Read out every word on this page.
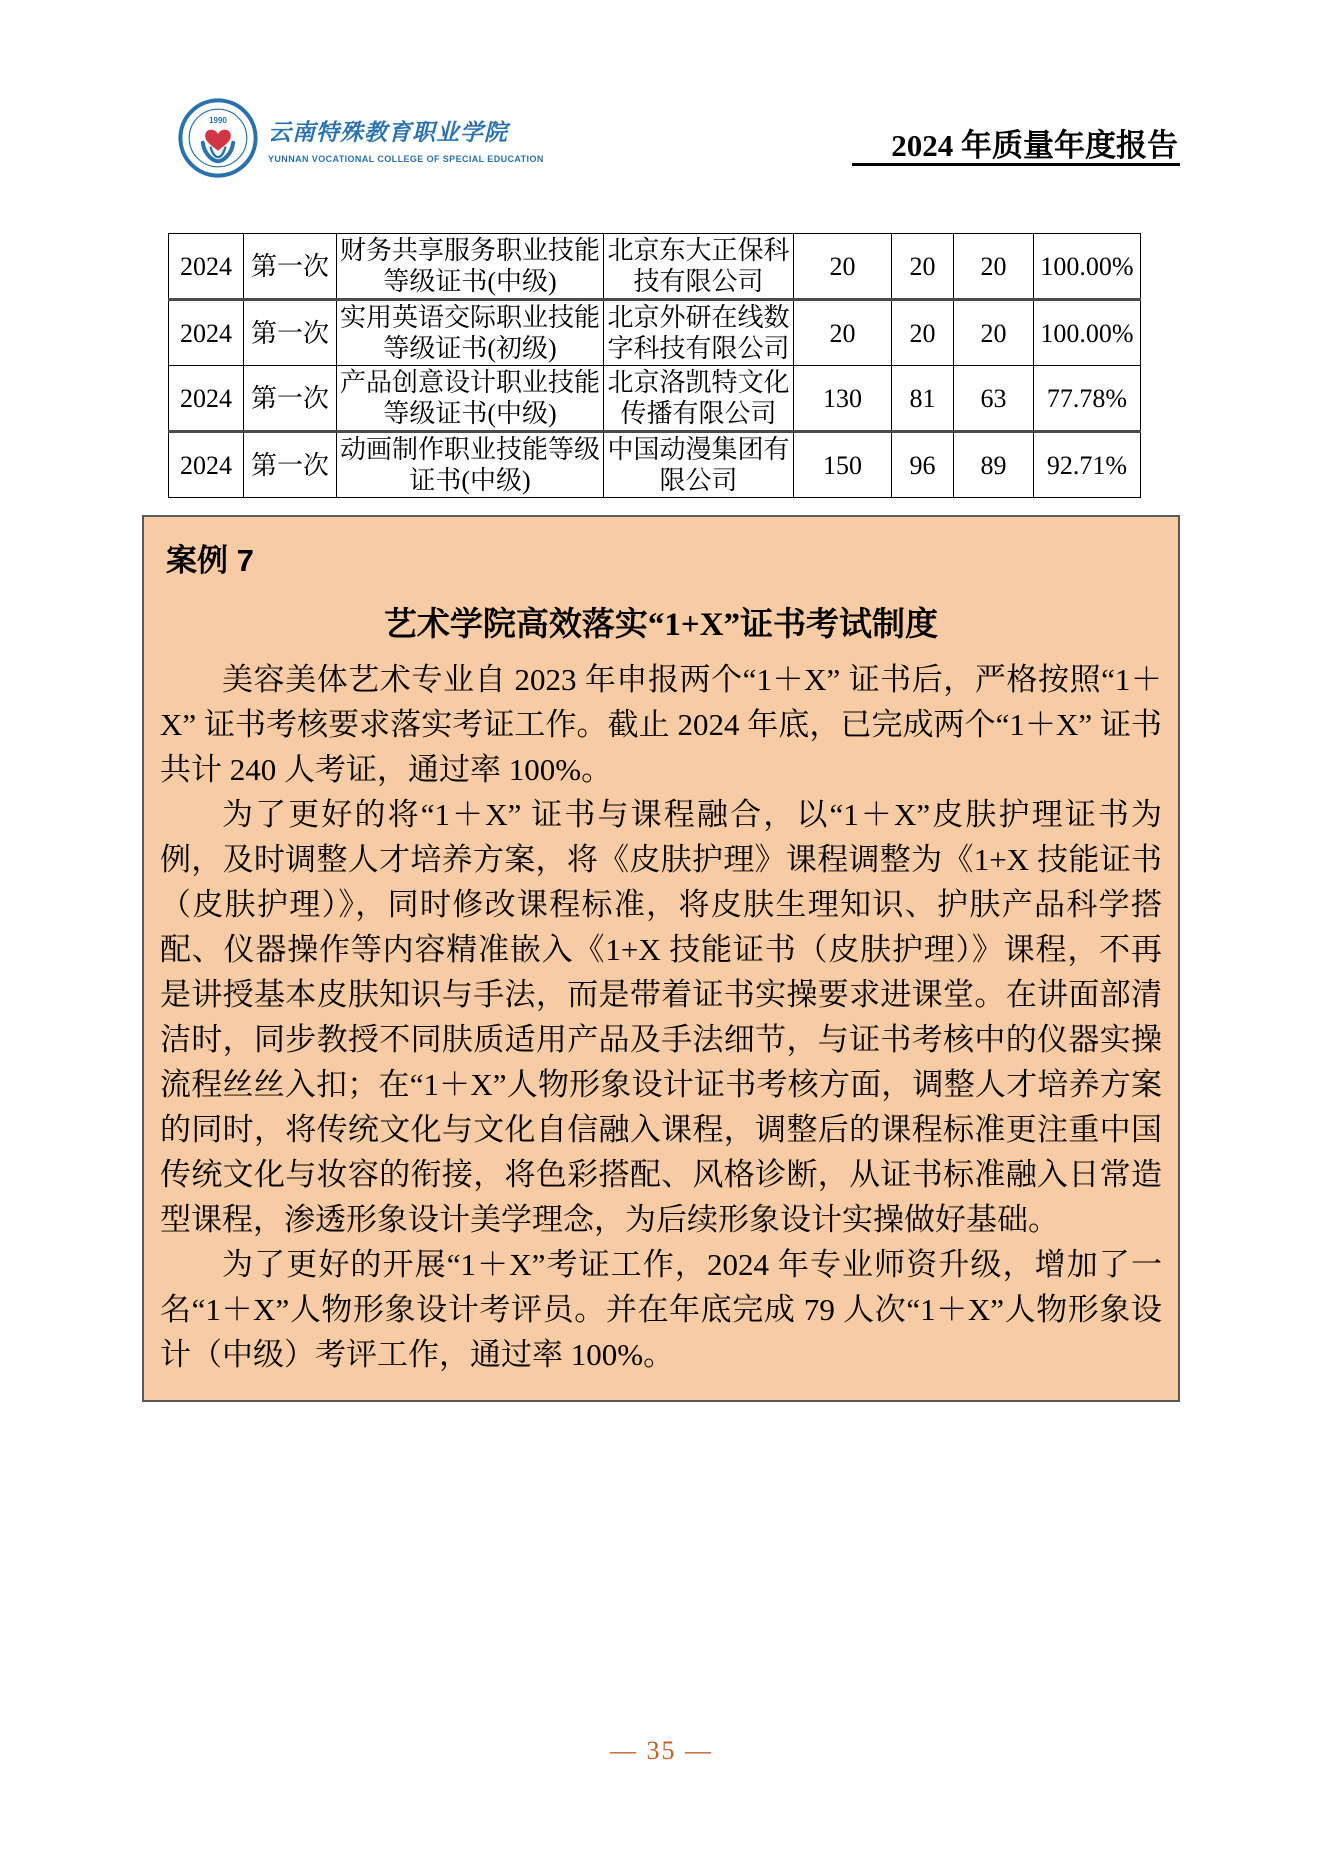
1990 云南特殊教育职业学院
YUNNAN VOCATIONAL COLLEGE OF SPECIAL EDUCATION	2024 年质量年度报告
2024	第一次	财务共享服务职业技能等级证书(中级)	北京东大正保科技有限公司	20	20	20	100.00%
2024	第一次	实用英语交际职业技能等级证书(初级)	北京外研在线数字科技有限公司	20	20	20	100.00%
2024	第一次	产品创意设计职业技能等级证书(中级)	北京洛凯特文化传播有限公司	130	81	63	77.78%
2024	第一次	动画制作职业技能等级证书(中级)	中国动漫集团有限公司	150	96	89	92.71%
案例 7
艺术学院高效落实“1+X”证书考试制度

美容美体艺术专业自 2023 年申报两个“1＋X” 证书后，严格按照“1＋X” 证书考核要求落实考证工作。截止 2024 年底，已完成两个“1＋X” 证书共计 240 人考证，通过率 100%。

为了更好的将“1＋X” 证书与课程融合，以“1＋X”皮肤护理证书为例，及时调整人才培养方案，将《皮肤护理》课程调整为《1+X 技能证书（皮肤护理）》，同时修改课程标准，将皮肤生理知识、护肤产品科学搭配、仪器操作等内容精准嵌入《1+X 技能证书（皮肤护理）》课程，不再是讲授基本皮肤知识与手法，而是带着证书实操要求进课堂。在讲面部清洁时，同步教授不同肤质适用产品及手法细节，与证书考核中的仪器实操流程丝丝入扣；在“1＋X”人物形象设计证书考核方面，调整人才培养方案的同时，将传统文化与文化自信融入课程，调整后的课程标准更注重中国传统文化与妆容的衔接，将色彩搭配、风格诊断，从证书标准融入日常造型课程，渗透形象设计美学理念，为后续形象设计实操做好基础。

为了更好的开展“1＋X”考证工作，2024 年专业师资升级，增加了一名“1＋X”人物形象设计考评员。并在年底完成 79 人次“1＋X”人物形象设计（中级）考评工作，通过率 100%。

— 35 —
